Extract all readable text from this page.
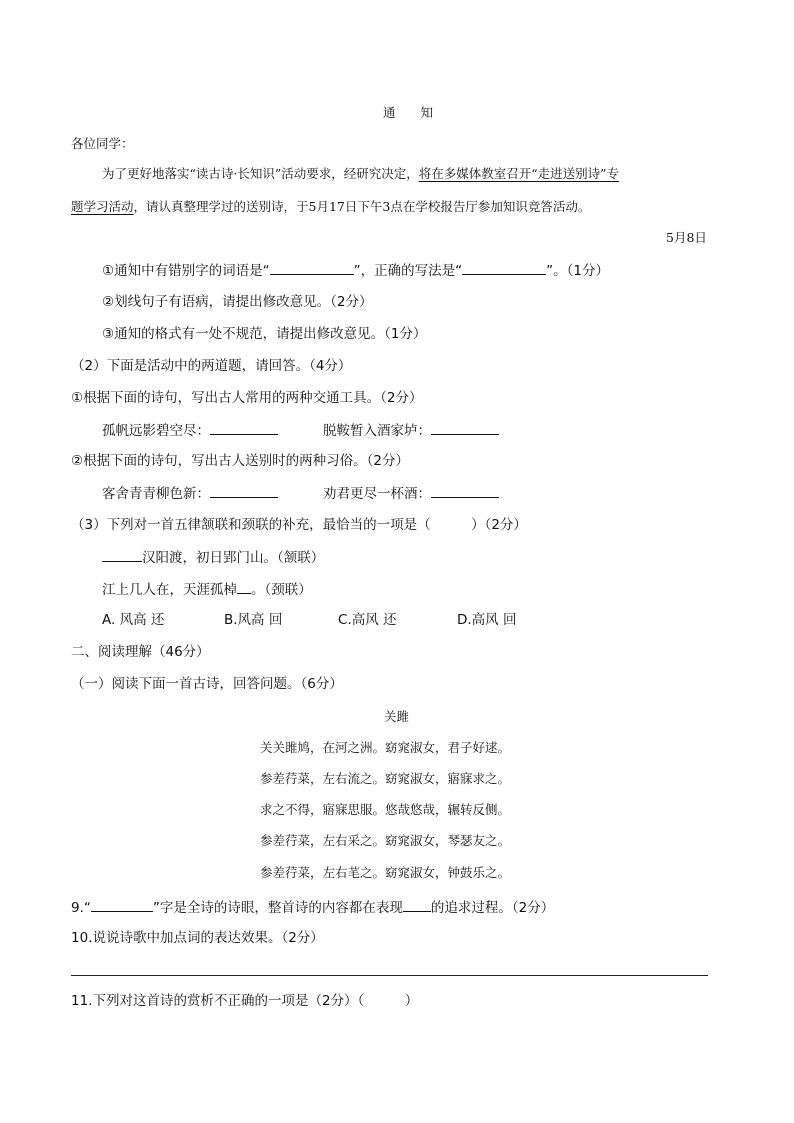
通　　知
各位同学：
为了更好地落实“读古诗·长知识”活动要求，经研究决定，将在多媒体教室召开“走进送别诗”专
题学习活动，请认真整理学过的送别诗，于5月17日下午3点在学校报告厅参加知识竞答活动。
5月8日
①通知中有错别字的词语是“	”，正确的写法是“	”。（1分）
②划线句子有语病，请提出修改意见。（2分）
③通知的格式有一处不规范，请提出修改意见。（1分）
（2）下面是活动中的两道题，请回答。（4分）
①根据下面的诗句，写出古人常用的两种交通工具。（2分）
孤帆远影碧空尽：	脱鞍暂入酒家垆：
②根据下面的诗句，写出古人送别时的两种习俗。（2分）
客舍青青柳色新：	劝君更尽一杯酒：
（3）下列对一首五律颔联和颈联的补充，最恰当的一项是（　　　）（2分）
汉阳渡，初日郢门山。（颔联）
江上几人在，天涯孤棹 。（颈联）
A. 风高 还	B.风高 回	C.高风 还	D.高风 回
二、阅读理解（46分）
（一）阅读下面一首古诗，回答问题。（6分）
关雎
关关雎鸠，在河之洲。窈窕淑女，君子好逑。
参差荇菜，左右流之。窈窕淑女，寤寐求之。
求之不得，寤寐思服。悠哉悠哉，辗转反侧。
参差荇菜，左右采之。窈窕淑女，琴瑟友之。
参差荇菜，左右芼之。窈窕淑女，钟鼓乐之。
9.“	”字是全诗的诗眼，整首诗的内容都在表现 的追求过程。（2分）
10.说说诗歌中加点词的表达效果。（2分）
11.下列对这首诗的赏析不正确的一项是（2分）（　　　）
